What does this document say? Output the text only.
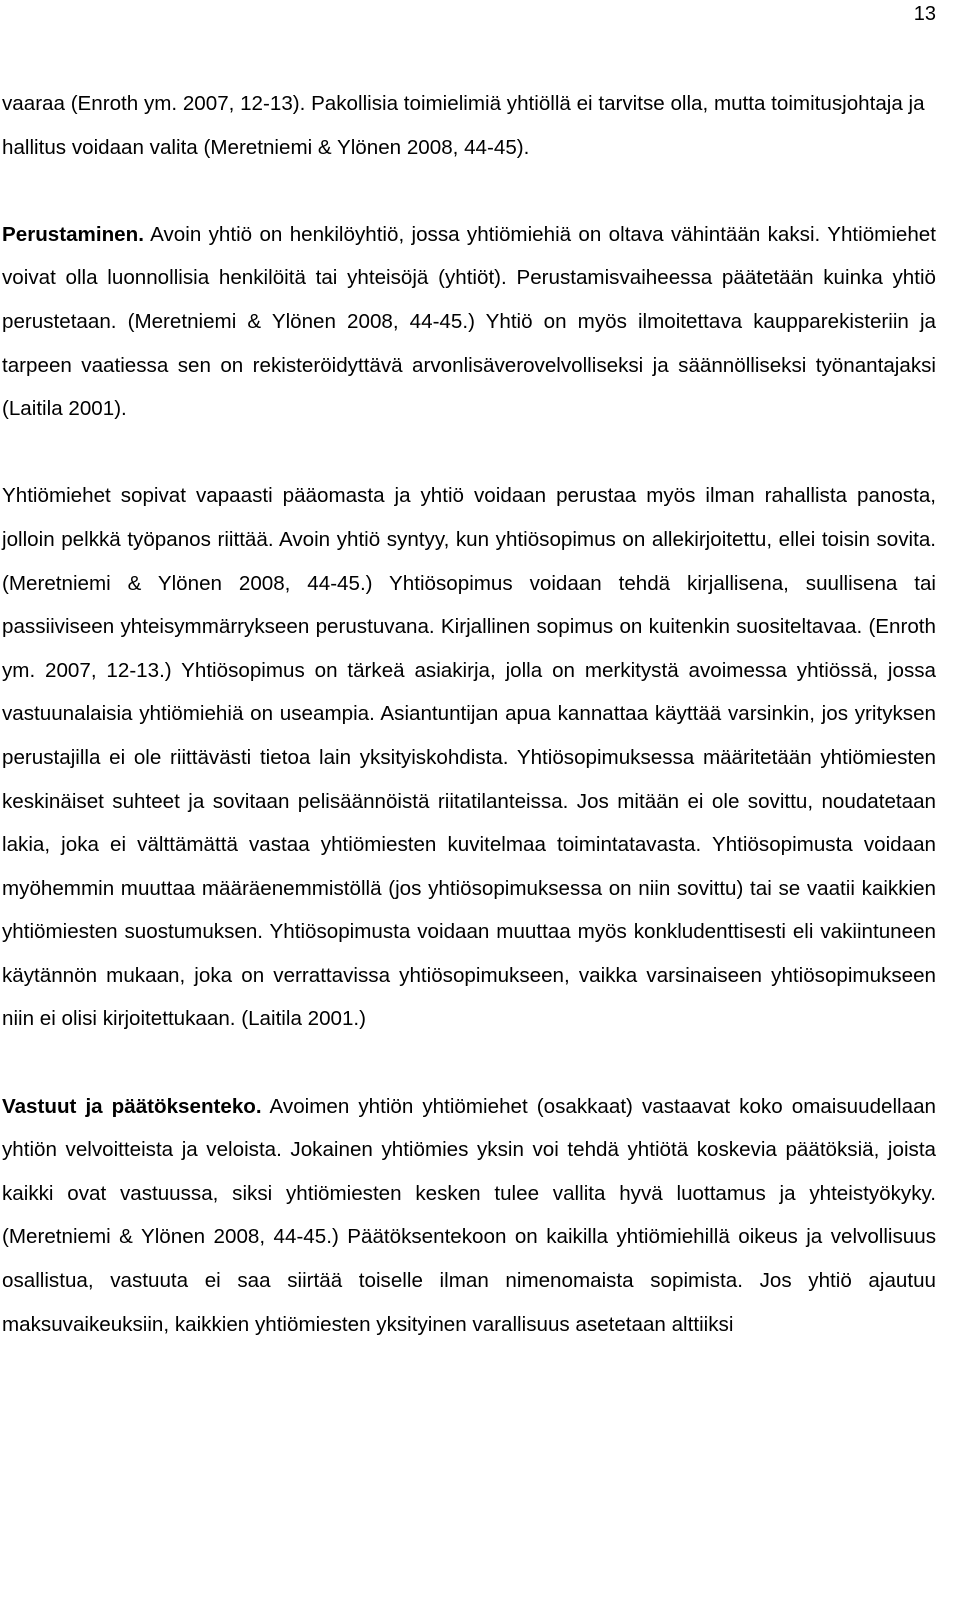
13

vaaraa (Enroth ym. 2007, 12-13). Pakollisia toimielimiä yhtiöllä ei tarvitse olla, mutta toimitusjohtaja ja hallitus voidaan valita (Meretniemi & Ylönen 2008, 44-45).

Perustaminen. Avoin yhtiö on henkilöyhtiö, jossa yhtiömiehiä on oltava vähintään kaksi. Yhtiömiehet voivat olla luonnollisia henkilöitä tai yhteisöjä (yhtiöt). Perustamisvaiheessa päätetään kuinka yhtiö perustetaan. (Meretniemi & Ylönen 2008, 44-45.) Yhtiö on myös ilmoitettava kaupparekisteriin ja tarpeen vaatiessa sen on rekisteröidyttävä arvonlisäverovelvolliseksi ja säännölliseksi työnantajaksi (Laitila 2001).

Yhtiömiehet sopivat vapaasti pääomasta ja yhtiö voidaan perustaa myös ilman rahallista panosta, jolloin pelkkä työpanos riittää. Avoin yhtiö syntyy, kun yhtiösopimus on allekirjoitettu, ellei toisin sovita. (Meretniemi & Ylönen 2008, 44-45.) Yhtiösopimus voidaan tehdä kirjallisena, suullisena tai passiiviseen yhteisymmärrykseen perustuvana. Kirjallinen sopimus on kuitenkin suositeltavaa. (Enroth ym. 2007, 12-13.) Yhtiösopimus on tärkeä asiakirja, jolla on merkitystä avoimessa yhtiössä, jossa vastuunalaisia yhtiömiehiä on useampia. Asiantuntijan apua kannattaa käyttää varsinkin, jos yrityksen perustajilla ei ole riittävästi tietoa lain yksityiskohdista. Yhtiösopimuksessa määritetään yhtiömiesten keskinäiset suhteet ja sovitaan pelisäännöistä riitatilanteissa. Jos mitään ei ole sovittu, noudatetaan lakia, joka ei välttämättä vastaa yhtiömiesten kuvitelmaa toimintatavasta. Yhtiösopimusta voidaan myöhemmin muuttaa määräenemmistöllä (jos yhtiösopimuksessa on niin sovittu) tai se vaatii kaikkien yhtiömiesten suostumuksen. Yhtiösopimusta voidaan muuttaa myös konkludenttisesti eli vakiintuneen käytännön mukaan, joka on verrattavissa yhtiösopimukseen, vaikka varsinaiseen yhtiösopimukseen niin ei olisi kirjoitettukaan. (Laitila 2001.)

Vastuut ja päätöksenteko. Avoimen yhtiön yhtiömiehet (osakkaat) vastaavat koko omaisuudellaan yhtiön velvoitteista ja veloista. Jokainen yhtiömies yksin voi tehdä yhtiötä koskevia päätöksiä, joista kaikki ovat vastuussa, siksi yhtiömiesten kesken tulee vallita hyvä luottamus ja yhteistyökyky. (Meretniemi & Ylönen 2008, 44-45.) Päätöksentekoon on kaikilla yhtiömiehillä oikeus ja velvollisuus osallistua, vastuuta ei saa siirtää toiselle ilman nimenomaista sopimista. Jos yhtiö ajautuu maksuvaikeuksiin, kaikkien yhtiömiesten yksityinen varallisuus asetetaan alttiiksi
